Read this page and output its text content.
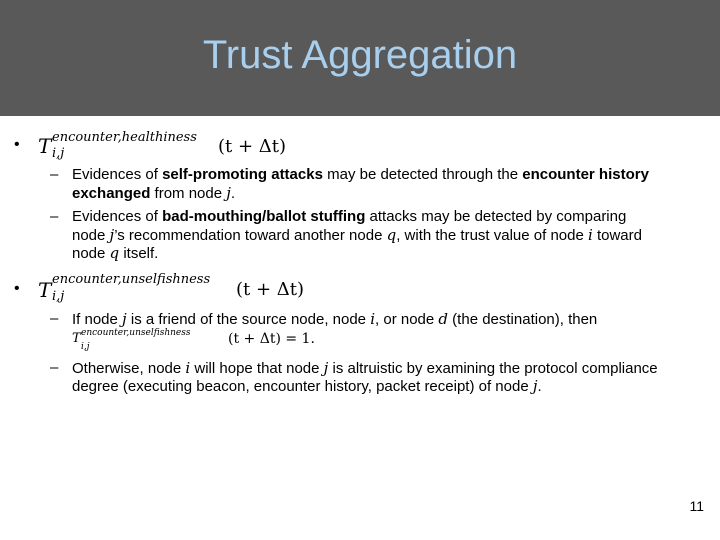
Trust Aggregation
• T encounter,healthiness
i,j	(t + Δt)
– Evidences of self-promoting attacks may be detected through the encounter history
exchanged from node j.
– Evidences of bad-mouthing/ballot stuffing attacks may be detected by comparing
node j’s recommendation toward another node q, with the trust value of node i toward
node q itself.
• T encounter,unselfishness
i,j	(t + Δt)
– If node j is a friend of the source node, node i, or node d (the destination), then
T encounter,unselfishness
i,j	(t + Δt) = 1.
– Otherwise, node i will hope that node j is altruistic by examining the protocol compliance
degree (executing beacon, encounter history, packet receipt) of node j.
11
